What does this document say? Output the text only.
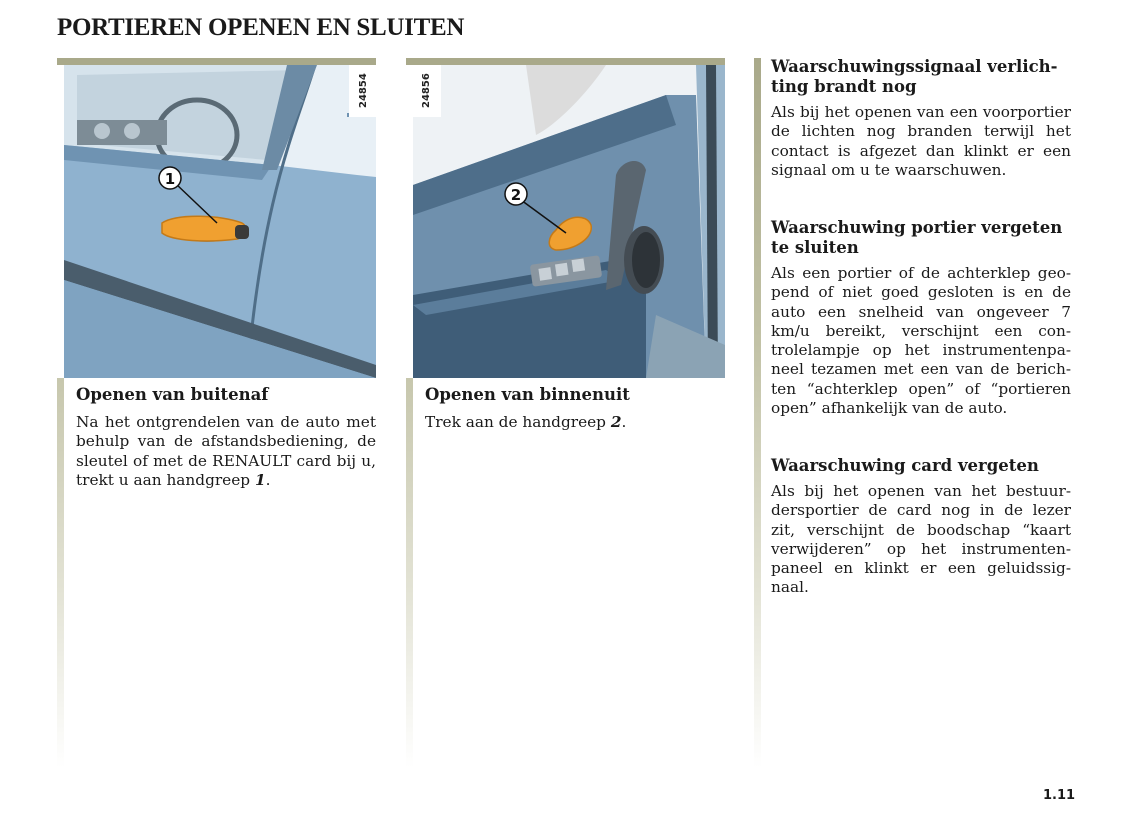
PORTIEREN OPENEN EN SLUITEN
1
24854
2
24856
Openen van buitenaf

Na het ontgrendelen van de auto met behulp van de afstandsbediening, de sleutel of met de RENAULT card bij u, trekt u aan handgreep 1.

Openen van binnenuit

Trek aan de handgreep 2.

Waarschuwingssignaal verlichting brandt nog

Als bij het openen van een voorportier de lichten nog branden terwijl het contact is afgezet dan klinkt er een signaal om u te waarschuwen.

Waarschuwing portier vergeten te sluiten

Als een portier of de achterklep geopend of niet goed gesloten is en de auto een snelheid van ongeveer 7 km/u bereikt, verschijnt een controlelampje op het instrumentenpaneel tezamen met een van de berichten “achterklep open” of “portieren open” afhankelijk van de auto.

Waarschuwing card vergeten

Als bij het openen van het bestuurdersportier de card nog in de lezer zit, verschijnt de boodschap “kaart verwijderen” op het instrumentenpaneel en klinkt er een geluidssignaal.

1.11
